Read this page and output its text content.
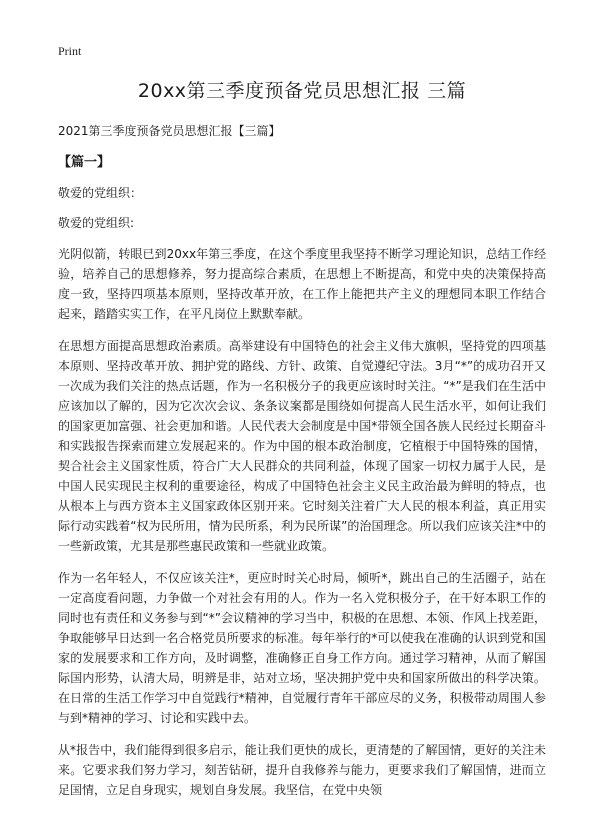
Print
20xx第三季度预备党员思想汇报 三篇
2021第三季度预备党员思想汇报【三篇】
【篇一】
敬爱的党组织：
敬爱的党组织:

光阴似箭，转眼已到20xx年第三季度，在这个季度里我坚持不断学习理论知识，总结工作经验，培养自己的思想修养，努力提高综合素质，在思想上不断提高，和党中央的决策保持高度一致，坚持四项基本原则，坚持改革开放，在工作上能把共产主义的理想同本职工作结合起来，踏踏实实工作，在平凡岗位上默默奉献。

在思想方面提高思想政治素质。高举建设有中国特色的社会主义伟大旗帜，坚持党的四项基本原则、坚持改革开放、拥护党的路线、方针、政策、自觉遵纪守法。3月“*”的成功召开又一次成为我们关注的热点话题，作为一名积极分子的我更应该时时关注。“*”是我们在生活中应该加以了解的，因为它次次会议、条条议案都是围绕如何提高人民生活水平，如何让我们的国家更加富强、社会更加和谐。人民代表大会制度是中国*带领全国各族人民经过长期奋斗和实践报告探索而建立发展起来的。作为中国的根本政治制度，它植根于中国特殊的国情，契合社会主义国家性质，符合广大人民群众的共同利益，体现了国家一切权力属于人民，是中国人民实现民主权利的重要途径，构成了中国特色社会主义民主政治最为鲜明的特点，也从根本上与西方资本主义国家政体区别开来。它时刻关注着广大人民的根本利益，真正用实际行动实践着“权为民所用，情为民所系，利为民所谋”的治国理念。所以我们应该关注*中的一些新政策，尤其是那些惠民政策和一些就业政策。

作为一名年轻人，不仅应该关注*，更应时时关心时局，倾听*，跳出自己的生活圈子，站在一定高度看问题，力争做一个对社会有用的人。作为一名入党积极分子，在干好本职工作的同时也有责任和义务参与到“*”会议精神的学习当中，积极的在思想、本领、作风上找差距，争取能够早日达到一名合格党员所要求的标准。每年举行的*可以使我在准确的认识到党和国家的发展要求和工作方向，及时调整，准确修正自身工作方向。通过学习精神，从而了解国际国内形势，认清大局，明辨是非，站对立场，坚决拥护党中央和国家所做出的科学决策。在日常的生活工作学习中自觉践行*精神，自觉履行青年干部应尽的义务，积极带动周围人参与到*精神的学习、讨论和实践中去。

从*报告中，我们能得到很多启示，能让我们更快的成长，更清楚的了解国情，更好的关注未来。它要求我们努力学习，刻苦钻研，提升自我修养与能力，更要求我们了解国情，进而立足国情，立足自身现实，规划自身发展。我坚信，在党中央领
